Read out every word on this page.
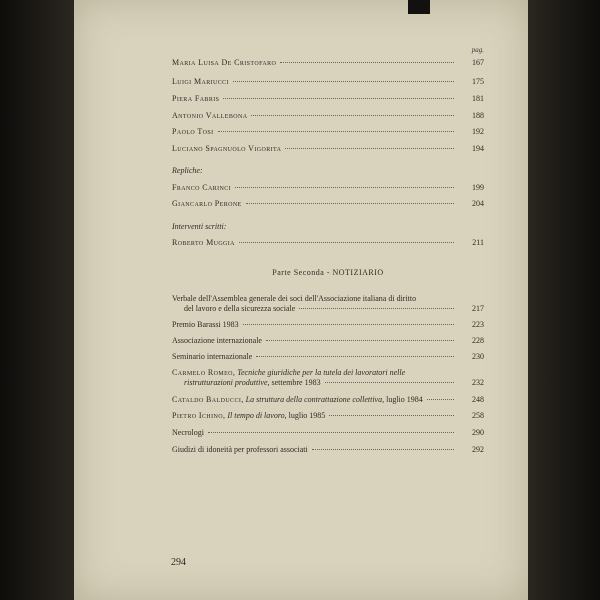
pag.
Maria Luisa De Cristofaro	167
Luigi Mariucci	175
Piera Fabris	181
Antonio Vallebona	188
Paolo Tosi	192
Luciano Spagnuolo Vigorita	194
Repliche:
Franco Carinci	199
Giancarlo Perone	204
Interventi scritti:
Roberto Muggia	211
Parte Seconda - NOTIZIARIO
Verbale dell'Assemblea generale dei soci dell'Associazione italiana di diritto
del lavoro e della sicurezza sociale	217
Premio Barassi 1983	223
Associazione internazionale	228
Seminario internazionale	230
Carmelo Romeo, Tecniche giuridiche per la tutela dei lavoratori nelle
ristrutturazioni produttive,
settembre 1983	232
Cataldo Balducci,
La struttura della contrattazione collettiva,
luglio 1984	248
Pietro Ichino,
Il tempo di lavoro,
luglio 1985	258
Necrologi	290
Giudizi di idoneità per professori associati	292
294
